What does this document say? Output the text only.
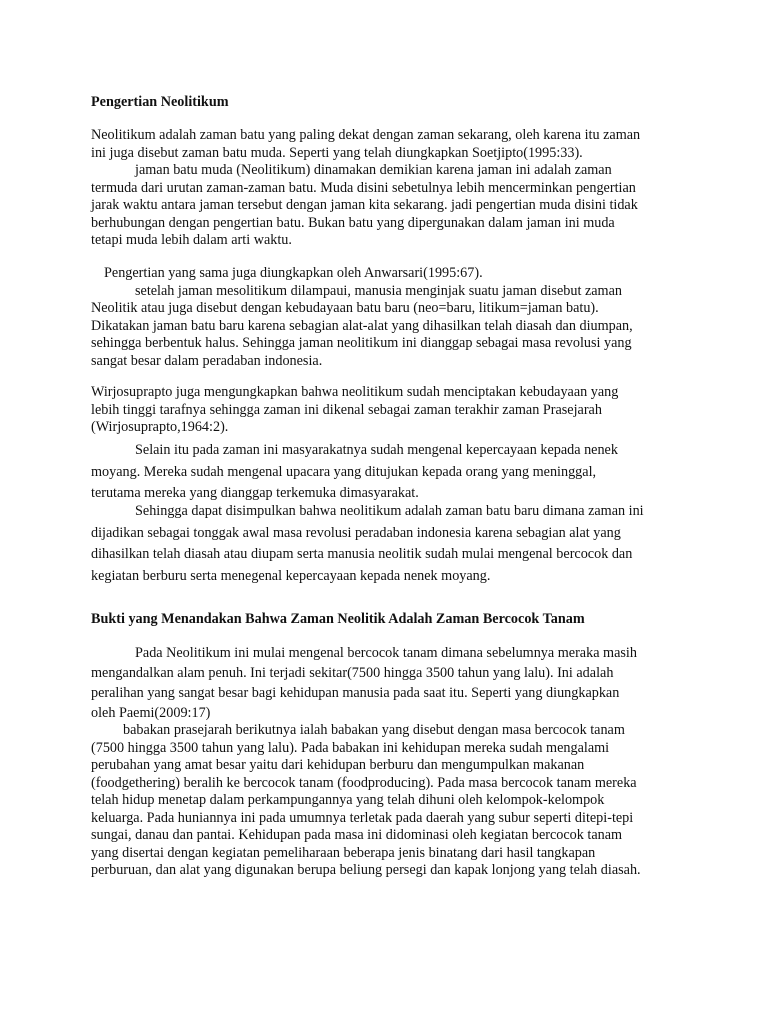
Pengertian Neolitikum
Neolitikum adalah zaman batu yang paling dekat dengan zaman sekarang, oleh karena itu zaman
ini juga disebut zaman batu muda. Seperti yang telah diungkapkan Soetjipto(1995:33).
jaman batu muda (Neolitikum) dinamakan demikian karena jaman ini adalah zaman
termuda dari urutan zaman-zaman batu. Muda disini sebetulnya lebih mencerminkan pengertian
jarak waktu antara jaman tersebut dengan jaman kita sekarang. jadi pengertian muda disini tidak
berhubungan dengan pengertian batu. Bukan batu yang dipergunakan dalam jaman ini muda
tetapi muda lebih dalam arti waktu.
Pengertian yang sama juga diungkapkan oleh Anwarsari(1995:67).
setelah jaman mesolitikum dilampaui, manusia menginjak suatu jaman disebut zaman
Neolitik atau juga disebut dengan kebudayaan batu baru (neo=baru, litikum=jaman batu).
Dikatakan jaman batu baru karena sebagian alat-alat yang dihasilkan telah diasah dan diumpan,
sehingga berbentuk halus. Sehingga jaman neolitikum ini dianggap sebagai masa revolusi yang
sangat besar dalam peradaban indonesia.
Wirjosuprapto juga mengungkapkan bahwa neolitikum sudah menciptakan kebudayaan yang
lebih tinggi tarafnya sehingga zaman ini dikenal sebagai zaman terakhir zaman Prasejarah
(Wirjosuprapto,1964:2).
Selain itu pada zaman ini masyarakatnya sudah mengenal kepercayaan kepada nenek
moyang. Mereka sudah mengenal upacara yang ditujukan kepada orang yang meninggal,
terutama mereka yang dianggap terkemuka dimasyarakat.
Sehingga dapat disimpulkan bahwa neolitikum adalah zaman batu baru dimana zaman ini
dijadikan sebagai tonggak awal masa revolusi peradaban indonesia karena sebagian alat yang
dihasilkan telah diasah atau diupam serta manusia neolitik sudah mulai mengenal bercocok dan
kegiatan berburu serta menegenal kepercayaan kepada nenek moyang.
Bukti yang Menandakan Bahwa Zaman Neolitik Adalah Zaman Bercocok Tanam
Pada Neolitikum ini mulai mengenal bercocok tanam dimana sebelumnya meraka masih
mengandalkan alam penuh. Ini terjadi sekitar(7500 hingga 3500 tahun yang lalu). Ini adalah
peralihan yang sangat besar bagi kehidupan manusia pada saat itu. Seperti yang diungkapkan
oleh Paemi(2009:17)
babakan prasejarah berikutnya ialah babakan yang disebut dengan masa bercocok tanam
(7500 hingga 3500 tahun yang lalu). Pada babakan ini kehidupan mereka sudah mengalami
perubahan yang amat besar yaitu dari kehidupan berburu dan mengumpulkan makanan
(foodgethering) beralih ke bercocok tanam (foodproducing). Pada masa bercocok tanam mereka
telah hidup menetap dalam perkampungannya yang telah dihuni oleh kelompok-kelompok
keluarga. Pada huniannya ini pada umumnya terletak pada daerah yang subur seperti ditepi-tepi
sungai, danau dan pantai. Kehidupan pada masa ini didominasi oleh kegiatan bercocok tanam
yang disertai dengan kegiatan pemeliharaan beberapa jenis binatang dari hasil tangkapan
perburuan, dan alat yang digunakan berupa beliung persegi dan kapak lonjong yang telah diasah.
